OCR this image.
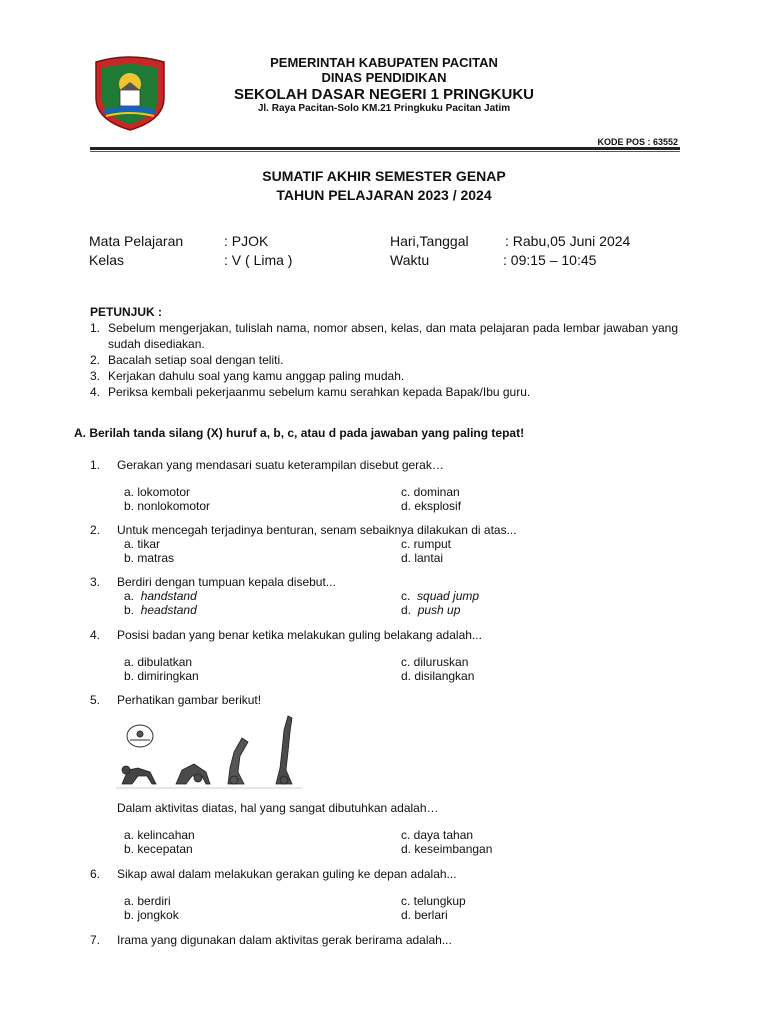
PEMERINTAH KABUPATEN PACITAN
DINAS PENDIDIKAN
SEKOLAH DASAR NEGERI 1 PRINGKUKU
Jl. Raya Pacitan-Solo KM.21 Pringkuku Pacitan Jatim
KODE POS : 63552
SUMATIF AKHIR SEMESTER GENAP
TAHUN PELAJARAN 2023 / 2024
Mata Pelajaran	: PJOK
Kelas	: V ( Lima )
Hari,Tanggal	: Rabu,05 Juni 2024
Waktu	: 09:15 – 10:45
PETUNJUK :
1. Sebelum mengerjakan, tulislah nama, nomor absen, kelas, dan mata pelajaran pada lembar jawaban yang sudah disediakan.
2. Bacalah setiap soal dengan teliti.
3. Kerjakan dahulu soal yang kamu anggap paling mudah.
4. Periksa kembali pekerjaanmu sebelum kamu serahkan kepada Bapak/Ibu guru.
A. Berilah tanda silang (X) huruf a, b, c, atau d pada jawaban yang paling tepat!
1. Gerakan yang mendasari suatu keterampilan disebut gerak…
a. lokomotor
b. nonlokomotor
c. dominan
d. eksplosif
2. Untuk mencegah terjadinya benturan, senam sebaiknya dilakukan di atas...
a. tikar
b. matras
c. rumput
d. lantai
3. Berdiri dengan tumpuan kepala disebut...
a. handstand
b. headstand
c. squad jump
d. push up
4. Posisi badan yang benar ketika melakukan guling belakang adalah...
a. dibulatkan
b. dimiringkan
c. diluruskan
d. disilangkan
5. Perhatikan gambar berikut!
Dalam aktivitas diatas, hal yang sangat dibutuhkan adalah…
a. kelincahan
b. kecepatan
c. daya tahan
d. keseimbangan
6. Sikap awal dalam melakukan gerakan guling ke depan adalah...
a. berdiri
b. jongkok
c. telungkup
d. berlari
7. Irama yang digunakan dalam aktivitas gerak berirama adalah...
